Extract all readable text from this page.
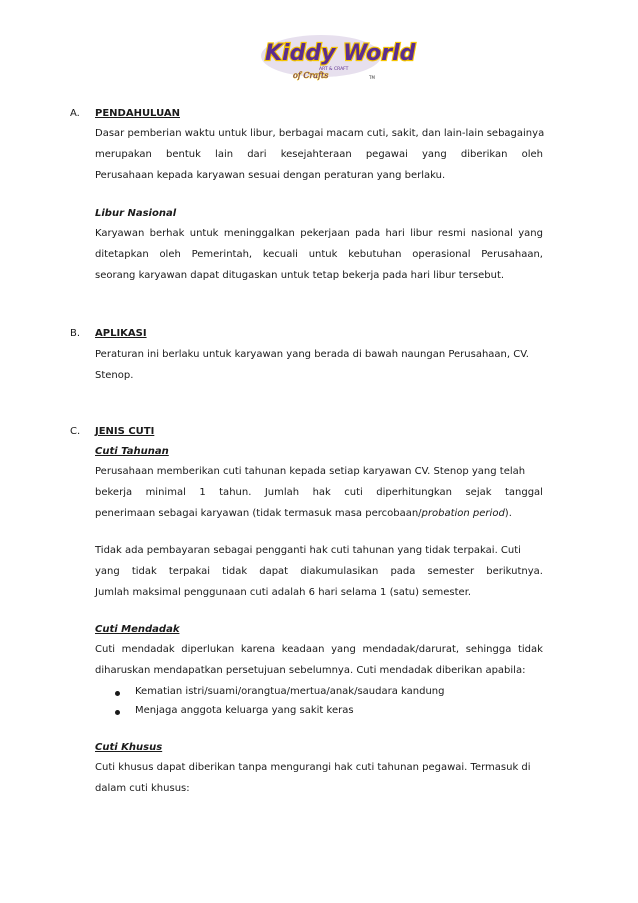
Kiddy World
ART & CRAFT
of Crafts	TM
A. PENDAHULUAN
Dasar pemberian waktu untuk libur, berbagai macam cuti, sakit, dan lain-lain sebagainya
merupakan bentuk lain dari kesejahteraan pegawai yang diberikan oleh
Perusahaan kepada karyawan sesuai dengan peraturan yang berlaku.
Libur Nasional
Karyawan berhak untuk meninggalkan pekerjaan pada hari libur resmi nasional yang
ditetapkan oleh Pemerintah, kecuali untuk kebutuhan operasional Perusahaan,
seorang karyawan dapat ditugaskan untuk tetap bekerja pada hari libur tersebut.
B. APLIKASI
Peraturan ini berlaku untuk karyawan yang berada di bawah naungan Perusahaan, CV.
Stenop.
C. JENIS CUTI
Cuti Tahunan
Perusahaan memberikan cuti tahunan kepada setiap karyawan CV. Stenop yang telah
bekerja minimal 1 tahun. Jumlah hak cuti diperhitungkan sejak tanggal
penerimaan sebagai karyawan (tidak termasuk masa percobaan/probation period).
Tidak ada pembayaran sebagai pengganti hak cuti tahunan yang tidak terpakai. Cuti
yang tidak terpakai tidak dapat diakumulasikan pada semester berikutnya.
Jumlah maksimal penggunaan cuti adalah 6 hari selama 1 (satu) semester.
Cuti Mendadak
Cuti mendadak diperlukan karena keadaan yang mendadak/darurat, sehingga tidak
diharuskan mendapatkan persetujuan sebelumnya. Cuti mendadak diberikan apabila:
Kematian istri/suami/orangtua/mertua/anak/saudara kandung
Menjaga anggota keluarga yang sakit keras
Cuti Khusus
Cuti khusus dapat diberikan tanpa mengurangi hak cuti tahunan pegawai. Termasuk di
dalam cuti khusus:
